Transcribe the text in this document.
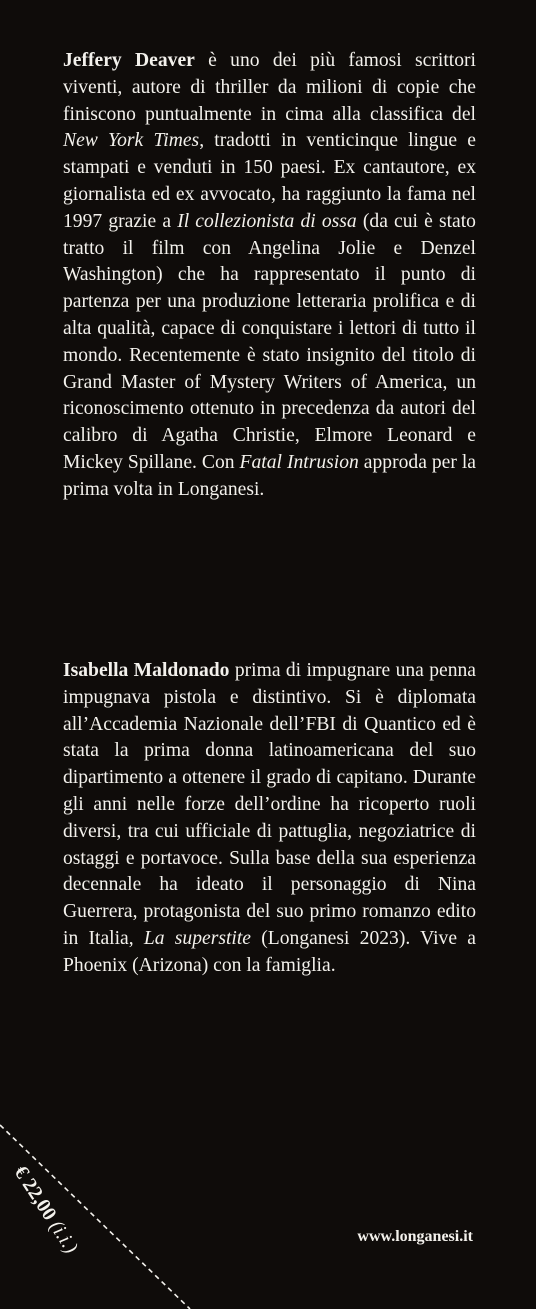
Jeffery Deaver è uno dei più famosi scrittori viventi, autore di thriller da milioni di copie che finiscono puntualmente in cima alla classifica del New York Times, tradotti in venticinque lingue e stampati e venduti in 150 paesi. Ex cantautore, ex giornalista ed ex avvocato, ha raggiunto la fama nel 1997 grazie a Il collezionista di ossa (da cui è stato tratto il film con Angelina Jolie e Denzel Washington) che ha rappresentato il punto di partenza per una produzione letteraria prolifica e di alta qualità, capace di conquistare i lettori di tutto il mondo. Recentemente è stato insignito del titolo di Grand Master of Mystery Writers of America, un riconoscimento ottenuto in precedenza da autori del calibro di Agatha Christie, Elmore Leonard e Mickey Spillane. Con Fatal Intrusion approda per la prima volta in Longanesi.

Isabella Maldonado prima di impugnare una penna impugnava pistola e distintivo. Si è diplomata all’Accademia Nazionale dell’FBI di Quantico ed è stata la prima donna latinoamericana del suo dipartimento a ottenere il grado di capitano. Durante gli anni nelle forze dell’ordine ha ricoperto ruoli diversi, tra cui ufficiale di pattuglia, negoziatrice di ostaggi e portavoce. Sulla base della sua esperienza decennale ha ideato il personaggio di Nina Guerrera, protagonista del suo primo romanzo edito in Italia, La superstite (Longanesi 2023). Vive a Phoenix (Arizona) con la famiglia.

€ 22,00 (i.i.)	www.longanesi.it
